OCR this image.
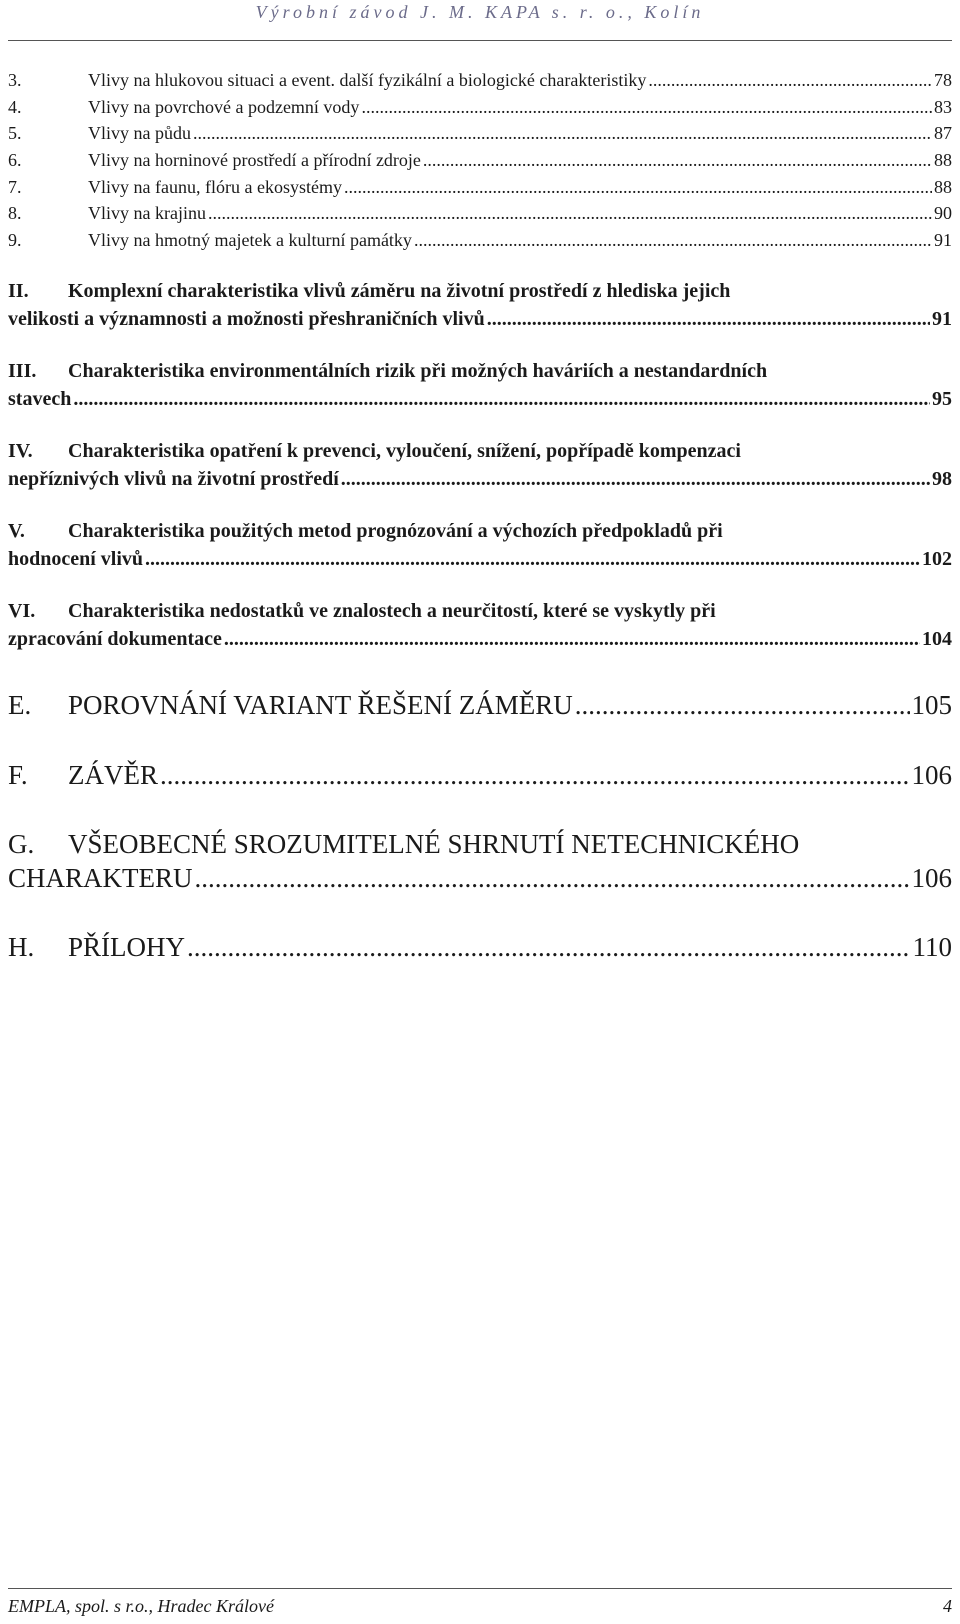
Výrobní závod J. M. KAPA s. r. o., Kolín
3.	Vlivy na hlukovou situaci a event. další fyzikální a biologické charakteristiky .....	78
4.	Vlivy na povrchové a podzemní vody .....	83
5.	Vlivy na půdu .....	87
6.	Vlivy na horninové prostředí a přírodní zdroje .....	88
7.	Vlivy na faunu, flóru a ekosystémy .....	88
8.	Vlivy na krajinu .....	90
9.	Vlivy na hmotný majetek a kulturní památky .....	91
II. Komplexní charakteristika vlivů záměru na životní prostředí z hlediska jejich
velikosti a významnosti a možnosti přeshraničních vlivů .....	91
III. Charakteristika environmentálních rizik při možných haváriích a nestandardních
stavech .....	95
IV. Charakteristika opatření k prevenci, vyloučení, snížení, popřípadě kompenzaci
nepříznivých vlivů na životní prostředí .....	98
V. Charakteristika použitých metod prognózování a výchozích předpokladů při
hodnocení vlivů .....	102
VI. Charakteristika nedostatků ve znalostech a neurčitostí, které se vyskytly při
zpracování dokumentace .....	104
E.	POROVNÁNÍ VARIANT ŘEŠENÍ ZÁMĚRU .....	105
F.	ZÁVĚR .....	106
G. VŠEOBECNÉ SROZUMITELNÉ SHRNUTÍ NETECHNICKÉHO
CHARAKTERU .....	106
H.	PŘÍLOHY .....	110
EMPLA, spol. s r.o., Hradec Králové	4
